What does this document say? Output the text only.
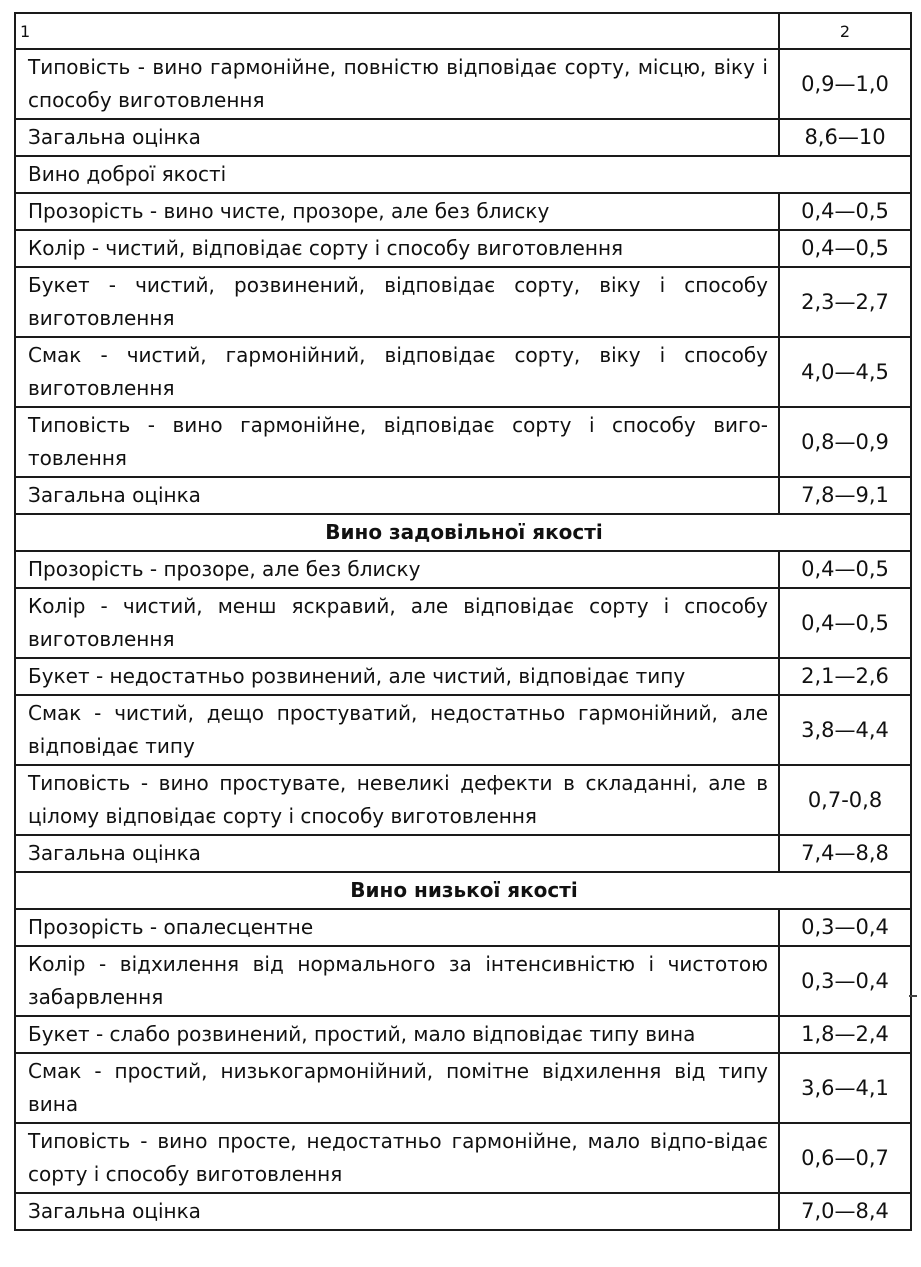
1	2
Типовість - вино гармонійне, повністю відповідає сорту, місцю, віку і способу виготовлення	0,9—1,0
Загальна оцінка	8,6—10
Вино доброї якості	
Прозорість - вино чисте, прозоре, але без блиску	0,4—0,5
Колір - чистий, відповідає сорту і способу виготовлення	0,4—0,5
Букет - чистий, розвинений, відповідає сорту, віку і способу виготовлення	2,3—2,7
Смак - чистий, гармонійний, відповідає сорту, віку і способу виготовлення	4,0—4,5
Типовість - вино гармонійне, відповідає сорту і способу виго-товлення	0,8—0,9
Загальна оцінка	7,8—9,1
Вино задовільної якості	
Прозорість - прозоре, але без блиску	0,4—0,5
Колір - чистий, менш яскравий, але відповідає сорту і способу виготовлення	0,4—0,5
Букет - недостатньо розвинений, але чистий, відповідає типу	2,1—2,6
Смак - чистий, дещо простуватий, недостатньо гармонійний, але відповідає типу	3,8—4,4
Типовість - вино простувате, невеликі дефекти в складанні, але в цілому відповідає сорту і способу виготовлення	0,7-0,8
Загальна оцінка	7,4—8,8
Вино низької якості	
Прозорість - опалесцентне	0,3—0,4
Колір - відхилення від нормального за інтенсивністю і чистотою забарвлення	0,3—0,4
Букет - слабо розвинений, простий, мало відповідає типу вина	1,8—2,4
Смак - простий, низькогармонійний, помітне відхилення від типу вина	3,6—4,1
Типовість - вино просте, недостатньо гармонійне, мало відпо-відає сорту і способу виготовлення	0,6—0,7
Загальна оцінка	7,0—8,4
